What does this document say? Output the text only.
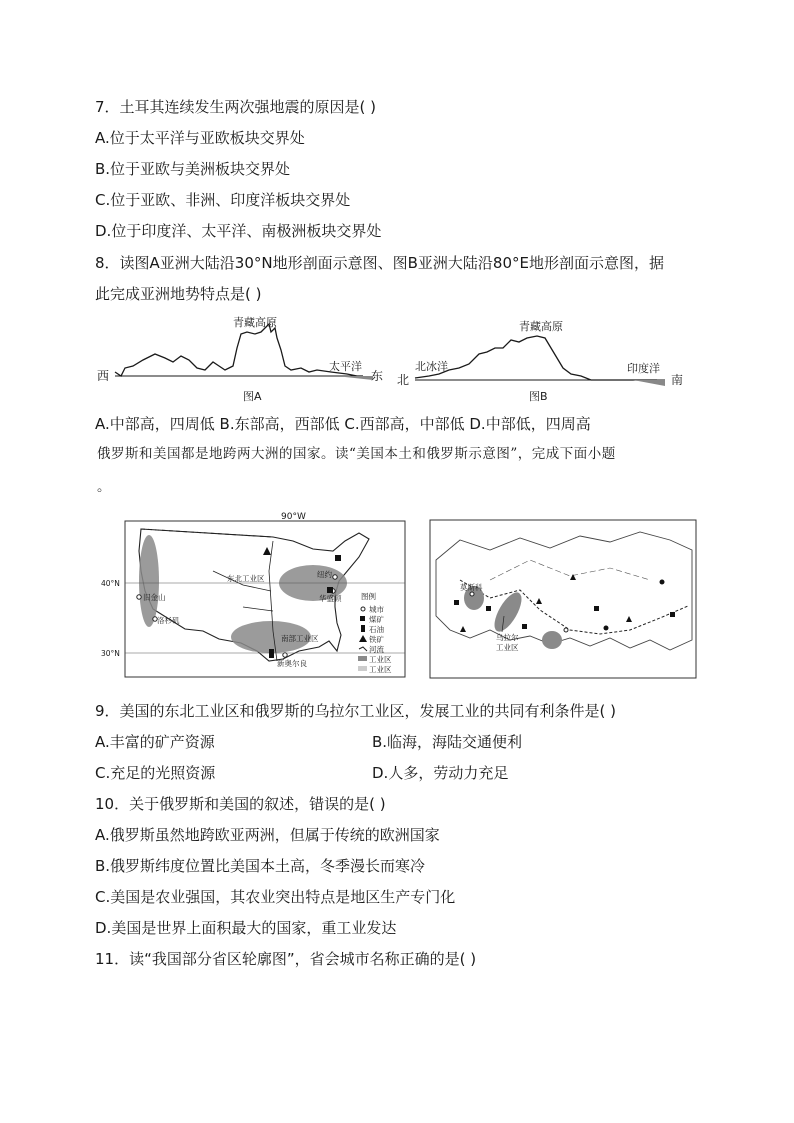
7．土耳其连续发生两次强地震的原因是( )
A.位于太平洋与亚欧板块交界处
B.位于亚欧与美洲板块交界处
C.位于亚欧、非洲、印度洋板块交界处
D.位于印度洋、太平洋、南极洲板块交界处
8．读图A亚洲大陆沿30°N地形剖面示意图、图B亚洲大陆沿80°E地形剖面示意图，据
此完成亚洲地势特点是( )
青藏高原
西	东
太平洋
图A
青藏高原
北	南
北冰洋	印度洋
图B
A.中部高，四周低 B.东部高，西部低 C.西部高，中部低 D.中部低，四周高
俄罗斯和美国都是地跨两大洲的国家。读“美国本土和俄罗斯示意图”，完成下面小题
。
90°W
40°N
30°N
旧金山
洛杉矶
纽约
华盛顿
新奥尔良
东北工业区
南部工业区
图例
城市
煤矿
石油
铁矿
河流
工业区
工业区
莫斯科
乌拉尔
工业区
9．美国的东北工业区和俄罗斯的乌拉尔工业区，发展工业的共同有利条件是( )
A.丰富的矿产资源	B.临海，海陆交通便利
C.充足的光照资源	D.人多，劳动力充足
10．关于俄罗斯和美国的叙述，错误的是( )
A.俄罗斯虽然地跨欧亚两洲，但属于传统的欧洲国家
B.俄罗斯纬度位置比美国本土高，冬季漫长而寒冷
C.美国是农业强国，其农业突出特点是地区生产专门化
D.美国是世界上面积最大的国家，重工业发达
11．读“我国部分省区轮廓图”，省会城市名称正确的是( )
